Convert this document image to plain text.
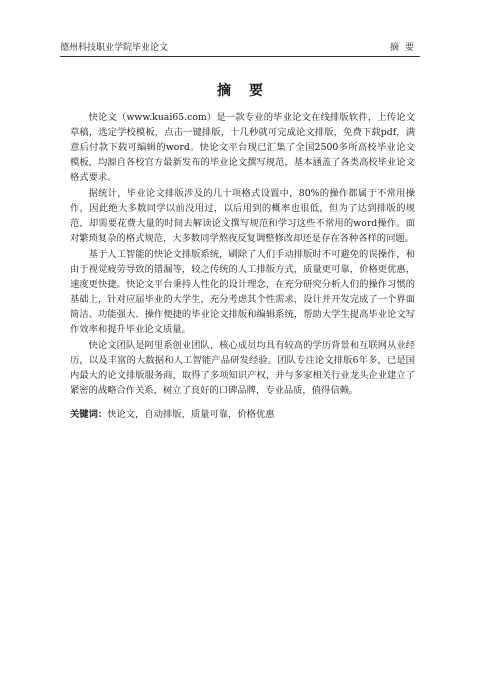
德州科技职业学院毕业论文	摘要
摘要

快论文（www.kuai65.com）是一款专业的毕业论文在线排版软件，上传论文草稿，选定学校模板，点击一键排版，十几秒就可完成论文排版，免费下载pdf，满意后付款下载可编辑的word。快论文平台现已汇集了全国2500多所高校毕业论文模板，均源自各校官方最新发布的毕业论文撰写规范，基本涵盖了各类高校毕业论文格式要求。

据统计，毕业论文排版涉及的几十项格式设置中，80%的操作都属于不常用操作，因此绝大多数同学以前没用过，以后用到的概率也很低，但为了达到排版的规范，却需要花费大量的时间去解读论文撰写规范和学习这些不常用的word操作。面对繁琐复杂的格式规范，大多数同学熬夜反复调整修改却还是存在各种各样的问题。

基于人工智能的快论文排版系统，刷除了人们手动排版时不可避免的误操作，和由于视觉疲劳导致的错漏等，较之传统的人工排版方式，质量更可靠，价格更优惠，速度更快捷。快论文平台秉持人性化的设计理念，在充分研究分析人们的操作习惯的基础上，针对应届毕业的大学生，充分考虑其个性需求，设计并开发完成了一个界面简洁、功能强大、操作便捷的毕业论文排版和编辑系统，帮助大学生提高毕业论文写作效率和提升毕业论文质量。

快论文团队是阿里系创业团队，核心成员均具有较高的学历背景和互联网从业经历，以及丰富的大数据和人工智能产品研发经验。团队专注论文排版6年多，已是国内最大的论文排版服务商，取得了多项知识产权，并与多家相关行业龙头企业建立了紧密的战略合作关系，树立了良好的口碑品牌，专业品质，值得信赖。

关键词：快论文，自动排版，质量可靠，价格优惠
